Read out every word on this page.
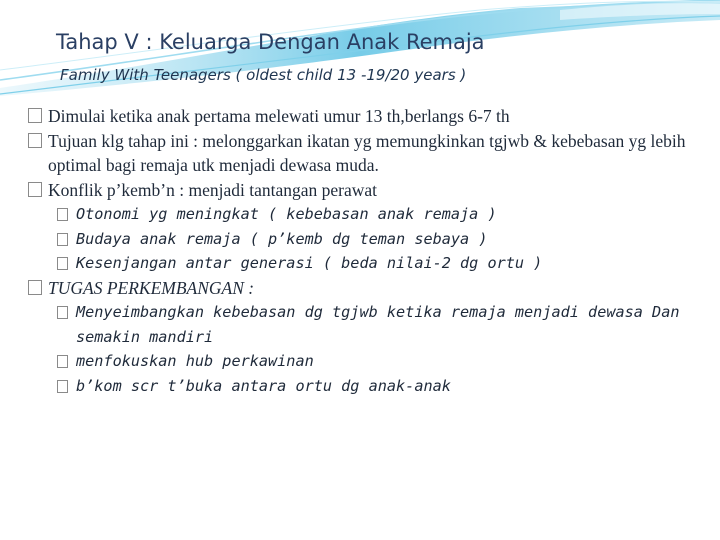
Tahap V : Keluarga Dengan Anak Remaja
Family With Teenagers ( oldest child 13 -19/20 years )
Dimulai ketika anak pertama melewati umur 13 th,berlangs 6-7 th
Tujuan klg tahap ini : melonggarkan ikatan yg memungkinkan tgjwb & kebebasan yg lebih optimal bagi remaja utk menjadi dewasa muda.
Konflik p’kemb’n : menjadi tantangan perawat
Otonomi yg meningkat ( kebebasan anak remaja )
Budaya anak remaja ( p’kemb dg teman sebaya )
Kesenjangan antar generasi ( beda nilai-2 dg ortu )
TUGAS PERKEMBANGAN :
Menyeimbangkan kebebasan dg tgjwb ketika remaja menjadi dewasa Dan semakin mandiri
menfokuskan hub perkawinan
b’kom scr t’buka antara ortu dg anak-anak
